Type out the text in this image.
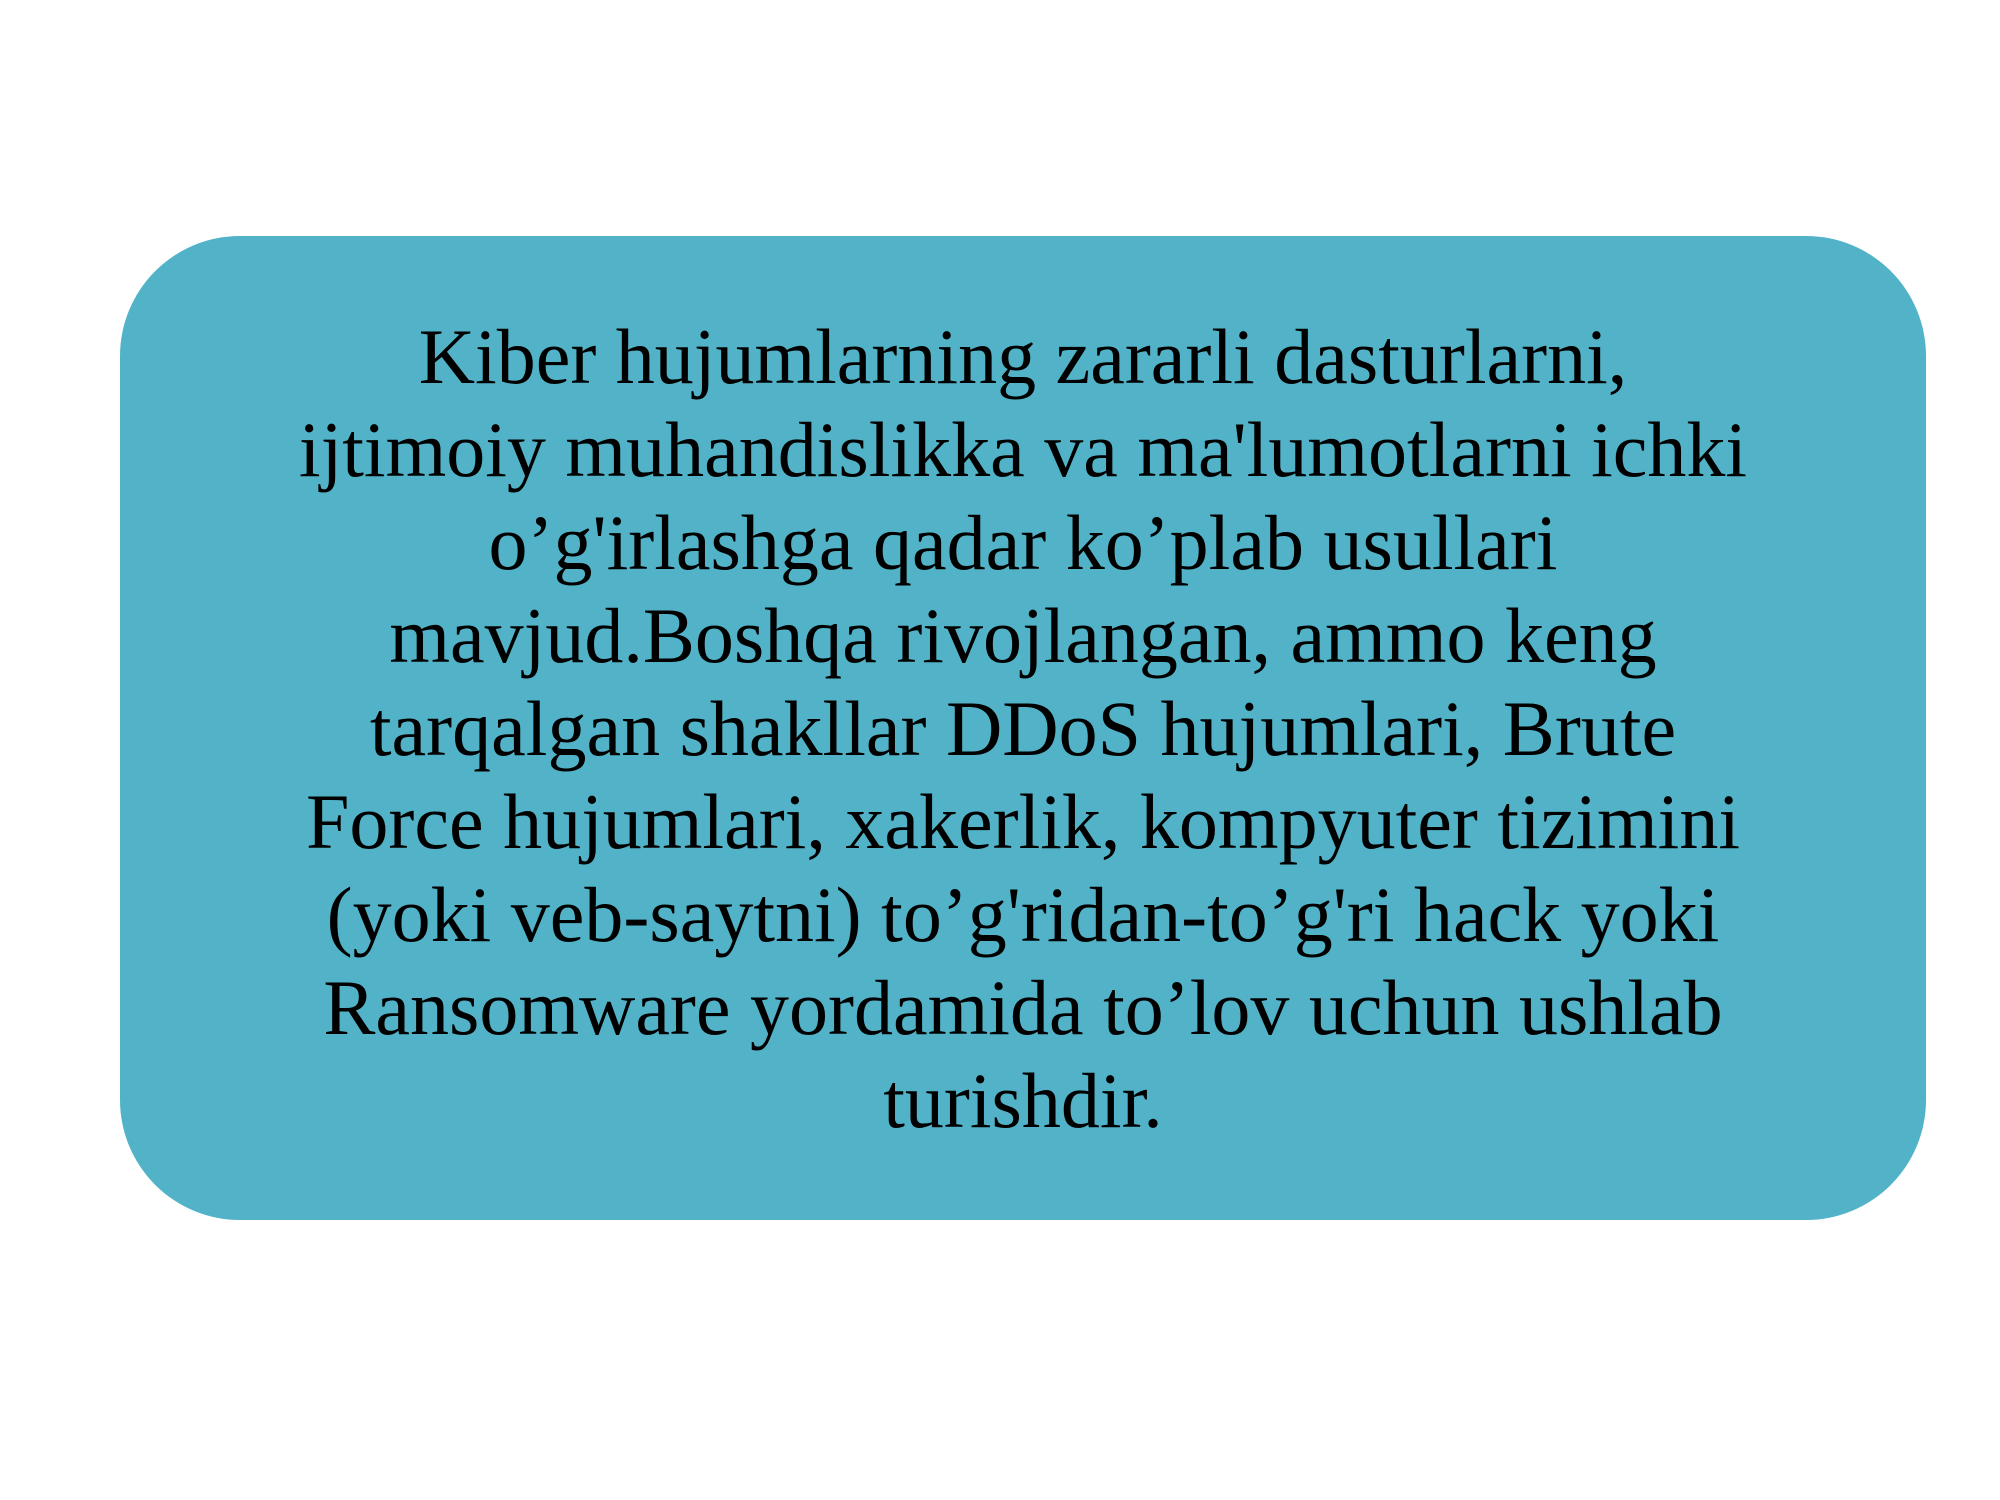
Kiber hujumlarning zararli dasturlarni,
ijtimoiy muhandislikka va ma'lumotlarni ichki
o’g'irlashga qadar ko’plab usullari
mavjud.Boshqa rivojlangan, ammo keng
tarqalgan shakllar DDoS hujumlari, Brute
Force hujumlari, xakerlik, kompyuter tizimini
(yoki veb-saytni) to’g'ridan-to’g'ri hack yoki
Ransomware yordamida to’lov uchun ushlab
turishdir.
